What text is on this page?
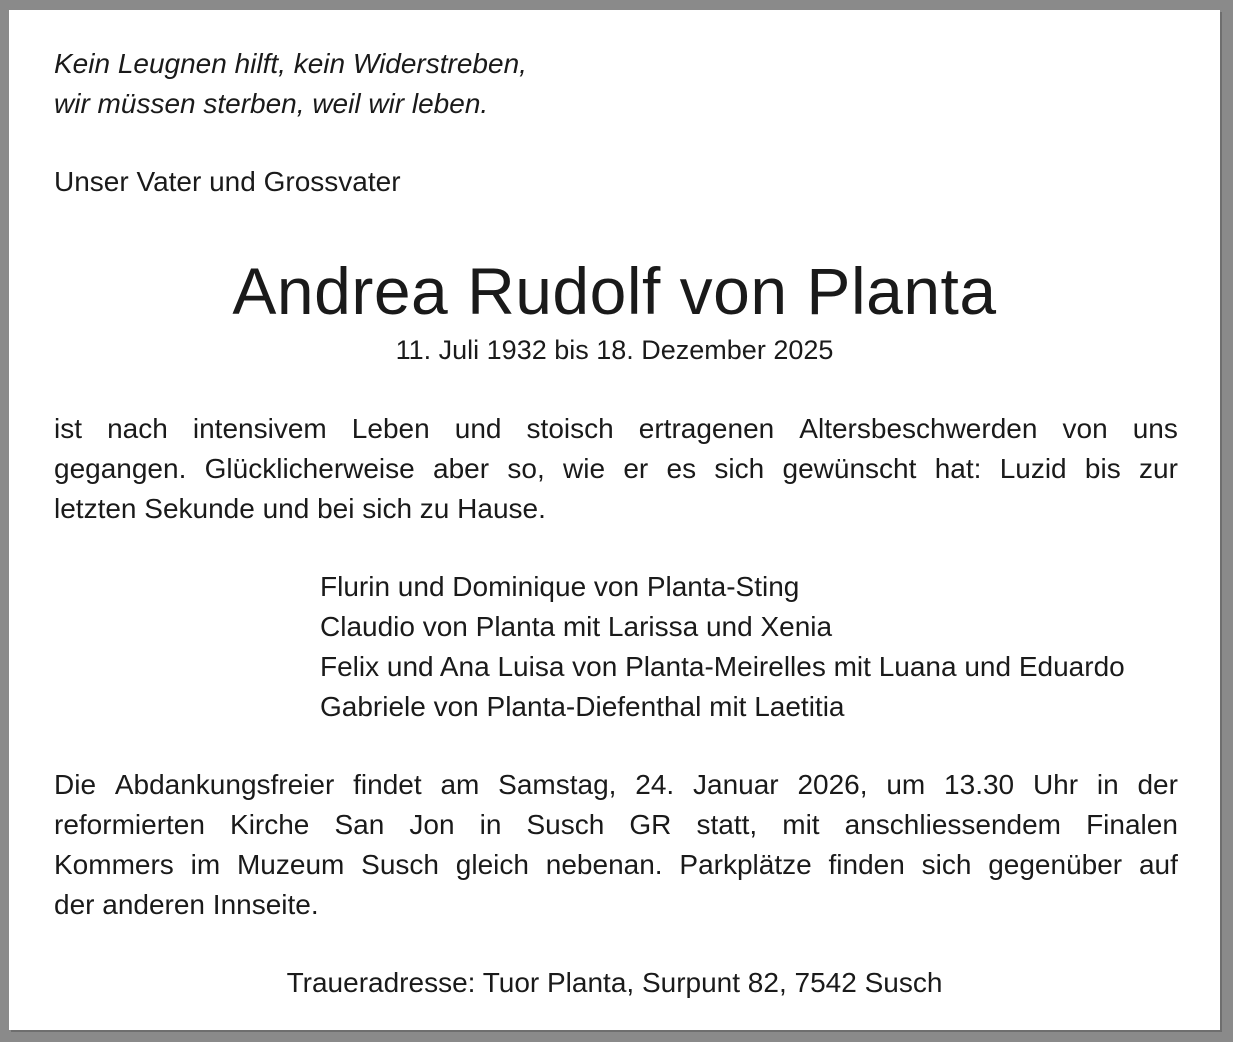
Kein Leugnen hilft, kein Widerstreben,
wir müssen sterben, weil wir leben.
Unser Vater und Grossvater
Andrea Rudolf von Planta
11. Juli 1932 bis 18. Dezember 2025
ist nach intensivem Leben und stoisch ertragenen Altersbeschwerden von uns
gegangen. Glücklicherweise aber so, wie er es sich gewünscht hat: Luzid bis zur
letzten Sekunde und bei sich zu Hause.
Flurin und Dominique von Planta-Sting
Claudio von Planta mit Larissa und Xenia
Felix und Ana Luisa von Planta-Meirelles mit Luana und Eduardo
Gabriele von Planta-Diefenthal mit Laetitia
Die Abdankungsfreier findet am Samstag, 24. Januar 2026, um 13.30 Uhr in der
reformierten Kirche San Jon in Susch GR statt, mit anschliessendem Finalen
Kommers im Muzeum Susch gleich nebenan. Parkplätze finden sich gegenüber auf
der anderen Innseite.
Traueradresse: Tuor Planta, Surpunt 82, 7542 Susch
